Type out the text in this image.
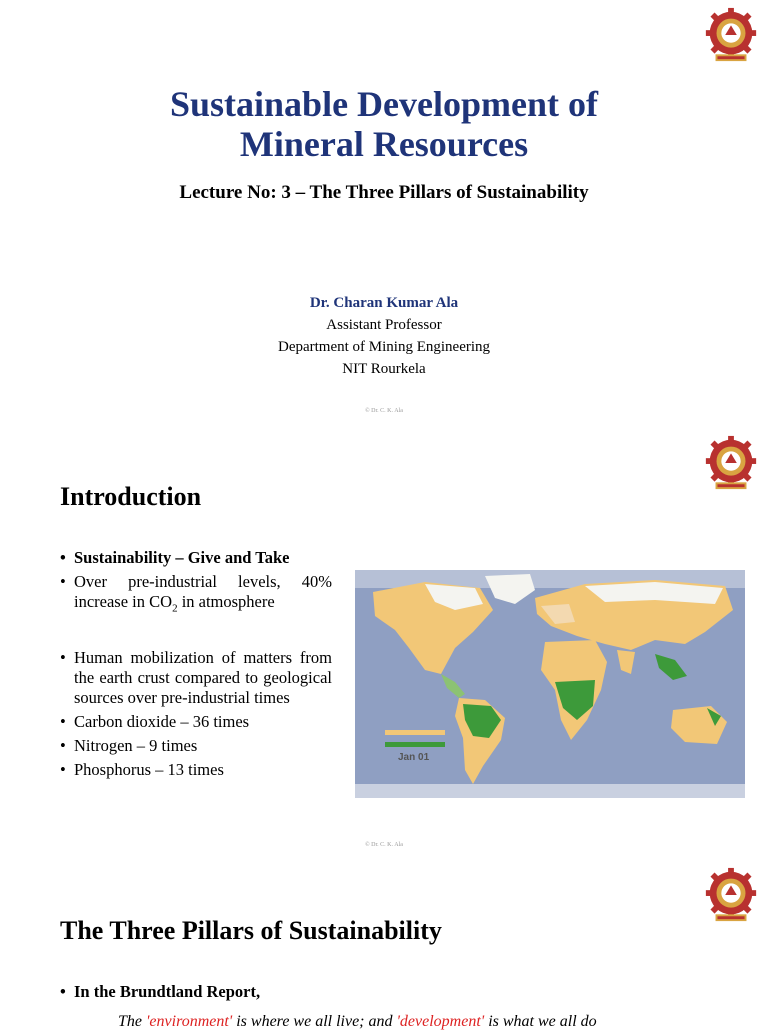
Sustainable Development of
Mineral Resources
Lecture No: 3 – The Three Pillars of Sustainability
Dr. Charan Kumar Ala
Assistant Professor
Department of Mining Engineering
NIT Rourkela
© Dr. C. K. Ala
Introduction
• Sustainability – Give and Take
• Over pre-industrial levels, 40% increase in $CO_2$ in atmosphere
• Human mobilization of matters from the earth crust compared to geological sources over pre-industrial times
• Carbon dioxide – 36 times
• Nitrogen – 9 times
• Phosphorus – 13 times
Jan 01
© Dr. C. K. Ala
The Three Pillars of Sustainability
• In the Brundtland Report,
The 'environment' is where we all live; and 'development' is what we all do
